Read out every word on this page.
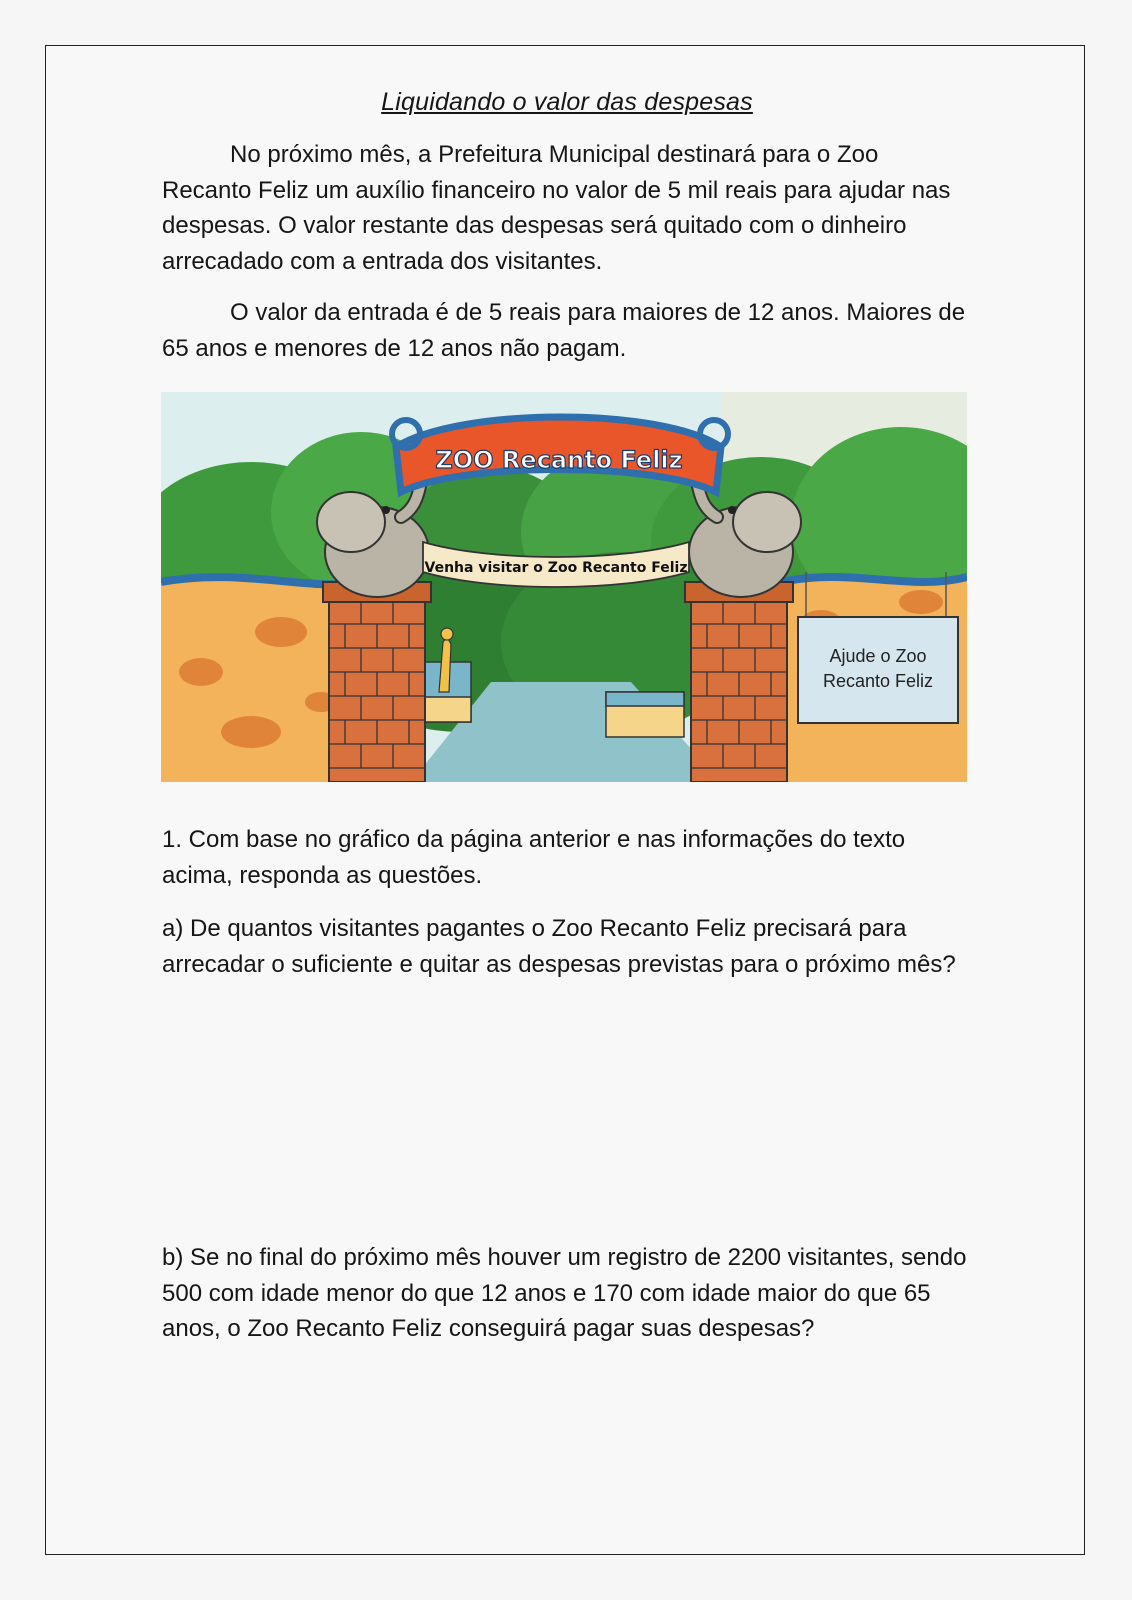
Liquidando o valor das despesas

No próximo mês, a Prefeitura Municipal destinará para o Zoo Recanto Feliz um auxílio financeiro no valor de 5 mil reais para ajudar nas despesas. O valor restante das despesas será quitado com o dinheiro arrecadado com a entrada dos visitantes.

O valor da entrada é de 5 reais para maiores de 12 anos. Maiores de 65 anos e menores de 12 anos não pagam.

ZOO Recanto Feliz
Venha visitar o Zoo Recanto Feliz
Ajude o Zoo
Recanto Feliz

1. Com base no gráfico da página anterior e nas informações do texto acima, responda as questões.

a) De quantos visitantes pagantes o Zoo Recanto Feliz precisará para arrecadar o suficiente e quitar as despesas previstas para o próximo mês?

b) Se no final do próximo mês houver um registro de 2200 visitantes, sendo 500 com idade menor do que 12 anos e 170 com idade maior do que 65 anos, o Zoo Recanto Feliz conseguirá pagar suas despesas?
